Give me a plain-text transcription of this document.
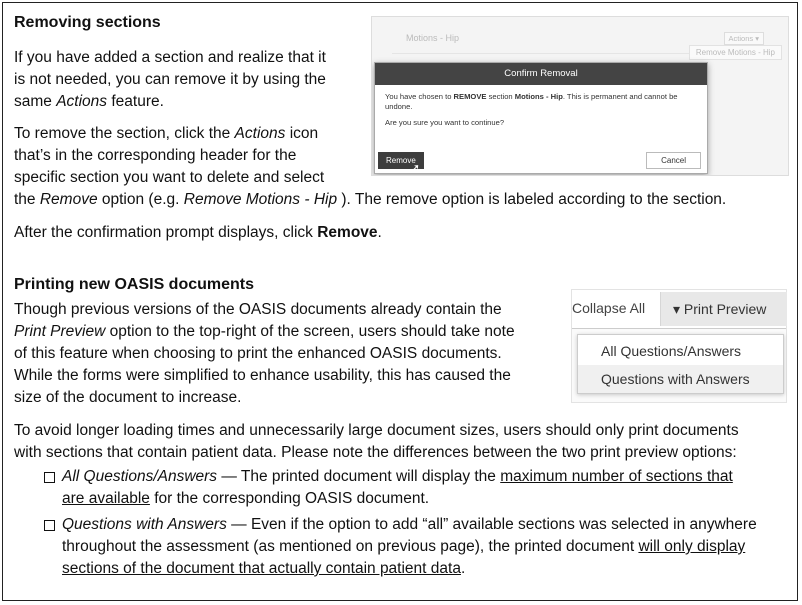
Removing sections
If you have added a section and realize that it
is not needed, you can remove it by using the
same Actions feature.
To remove the section, click the Actions icon
that’s in the corresponding header for the
specific section you want to delete and select
the Remove option (e.g. Remove Motions - Hip ). The remove option is labeled according to the section.
After the confirmation prompt displays, click Remove.
Motions - Hip	Actions ▾
Remove Motions - Hip
Confirm Removal

You have chosen to REMOVE section Motions - Hip. This is permanent and cannot be undone.

Are you sure you want to continue?

Remove
➚
Cancel
Printing new OASIS documents
Though previous versions of the OASIS documents already contain the
Print Preview option to the top-right of the screen, users should take note
of this feature when choosing to print the enhanced OASIS documents.
While the forms were simplified to enhance usability, this has caused the
size of the document to increase.
Collapse All ▾ Print Preview
All Questions/Answers
Questions with Answers
To avoid longer loading times and unnecessarily large document sizes, users should only print documents
with sections that contain patient data. Please note the differences between the two print preview options:
All Questions/Answers — The printed document will display the maximum number of sections that
are available for the corresponding OASIS document.
Questions with Answers — Even if the option to add “all” available sections was selected in anywhere
throughout the assessment (as mentioned on previous page), the printed document will only display
sections of the document that actually contain patient data.
